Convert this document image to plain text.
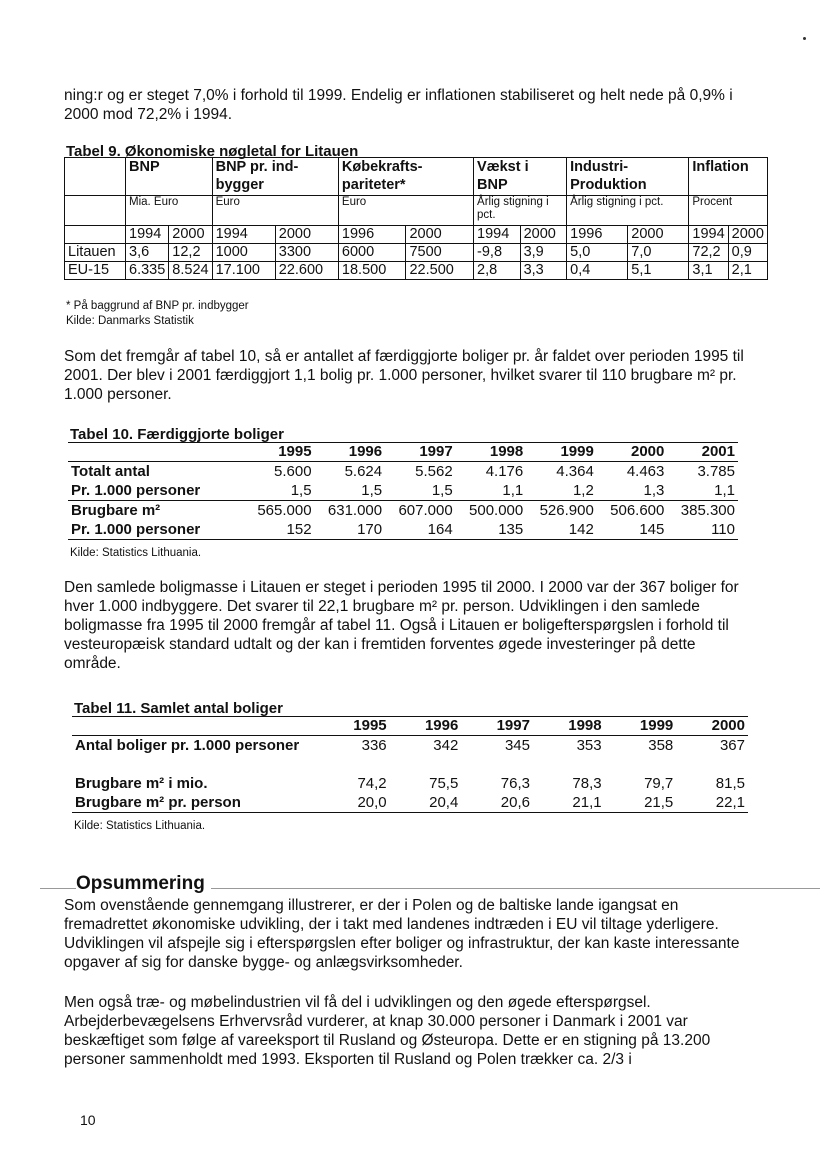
ning:r og er steget 7,0% i forhold til 1999. Endelig er inflationen stabiliseret og helt nede på 0,9% i 2000 mod 72,2% i 1994.

Tabel 9. Økonomiske nøgletal for Litauen

	BNP		BNP pr. ind-bygger		Købekrafts-pariteter*		Vækst i BNP		Industri-Produktion		Inflation	
	Mia. Euro		Euro		Euro		Årlig stigning i pct.		Årlig stigning i pct.		Procent	
	1994	2000	1994	2000	1996	2000	1994	2000	1996	2000	1994	2000
Litauen	3,6	12,2	1000	3300	6000	7500	-9,8	3,9	5,0	7,0	72,2	0,9
EU-15	6.335	8.524	17.100	22.600	18.500	22.500	2,8	3,3	0,4	5,1	3,1	2,1

* På baggrund af BNP pr. indbygger

Kilde: Danmarks Statistik

Som det fremgår af tabel 10, så er antallet af færdiggjorte boliger pr. år faldet over perioden 1995 til 2001. Der blev i 2001 færdiggjort 1,1 bolig pr. 1.000 personer, hvilket svarer til 110 brugbare m² pr. 1.000 personer.

Tabel 10. Færdiggjorte boliger

	1995	1996	1997	1998	1999	2000	2001
Totalt antal	5.600	5.624	5.562	4.176	4.364	4.463	3.785
Pr. 1.000 personer	1,5	1,5	1,5	1,1	1,2	1,3	1,1
Brugbare m²	565.000	631.000	607.000	500.000	526.900	506.600	385.300
Pr. 1.000 personer	152	170	164	135	142	145	110

Kilde: Statistics Lithuania.

Den samlede boligmasse i Litauen er steget i perioden 1995 til 2000. I 2000 var der 367 boliger for hver 1.000 indbyggere. Det svarer til 22,1 brugbare m² pr. person. Udviklingen i den samlede boligmasse fra 1995 til 2000 fremgår af tabel 11. Også i Litauen er boligefterspørgslen i forhold til vesteuropæisk standard udtalt og der kan i fremtiden forventes øgede investeringer på dette område.

Tabel 11. Samlet antal boliger

	1995	1996	1997	1998	1999	2000
Antal boliger pr. 1.000 personer	336	342	345	353	358	367
Brugbare m² i mio.	74,2	75,5	76,3	78,3	79,7	81,5
Brugbare m² pr. person	20,0	20,4	20,6	21,1	21,5	22,1

Kilde: Statistics Lithuania.

Opsummering

Som ovenstående gennemgang illustrerer, er der i Polen og de baltiske lande igangsat en fremadrettet økonomiske udvikling, der i takt med landenes indtræden i EU vil tiltage yderligere. Udviklingen vil afspejle sig i efterspørgslen efter boliger og infrastruktur, der kan kaste interessante opgaver af sig for danske bygge- og anlægsvirksomheder.

Men også træ- og møbelindustrien vil få del i udviklingen og den øgede efterspørgsel. Arbejderbevægelsens Erhvervsråd vurderer, at knap 30.000 personer i Danmark i 2001 var beskæftiget som følge af vareeksport til Rusland og Østeuropa. Dette er en stigning på 13.200 personer sammenholdt med 1993. Eksporten til Rusland og Polen trækker ca. 2/3 i

10
